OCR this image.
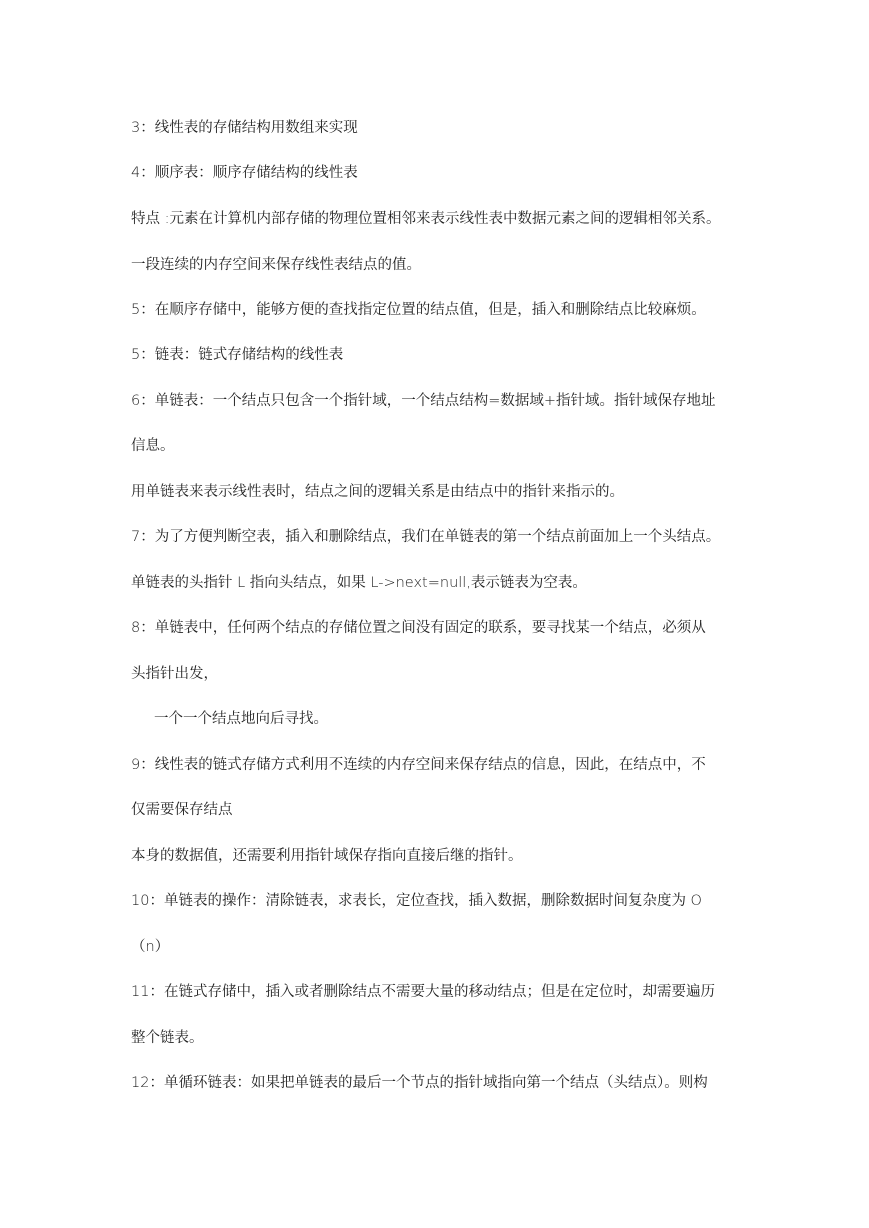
3：线性表的存储结构用数组来实现
4：顺序表：顺序存储结构的线性表
特点 :元素在计算机内部存储的物理位置相邻来表示线性表中数据元素之间的逻辑相邻关系。
一段连续的内存空间来保存线性表结点的值。
5：在顺序存储中，能够方便的查找指定位置的结点值，但是，插入和删除结点比较麻烦。
5：链表：链式存储结构的线性表
6：单链表：一个结点只包含一个指针域，一个结点结构=数据域+指针域。指针域保存地址
信息。
用单链表来表示线性表时，结点之间的逻辑关系是由结点中的指针来指示的。
7：为了方便判断空表，插入和删除结点，我们在单链表的第一个结点前面加上一个头结点。
单链表的头指针 L 指向头结点，如果 L->next=null,表示链表为空表。
8：单链表中，任何两个结点的存储位置之间没有固定的联系，要寻找某一个结点，必须从
头指针出发，
一个一个结点地向后寻找。
9：线性表的链式存储方式利用不连续的内存空间来保存结点的信息，因此，在结点中，不
仅需要保存结点
本身的数据值，还需要利用指针域保存指向直接后继的指针。
10：单链表的操作：清除链表，求表长，定位查找，插入数据，删除数据时间复杂度为 O
（n）
11：在链式存储中，插入或者删除结点不需要大量的移动结点；但是在定位时，却需要遍历
整个链表。
12：单循环链表：如果把单链表的最后一个节点的指针域指向第一个结点（头结点）。则构
